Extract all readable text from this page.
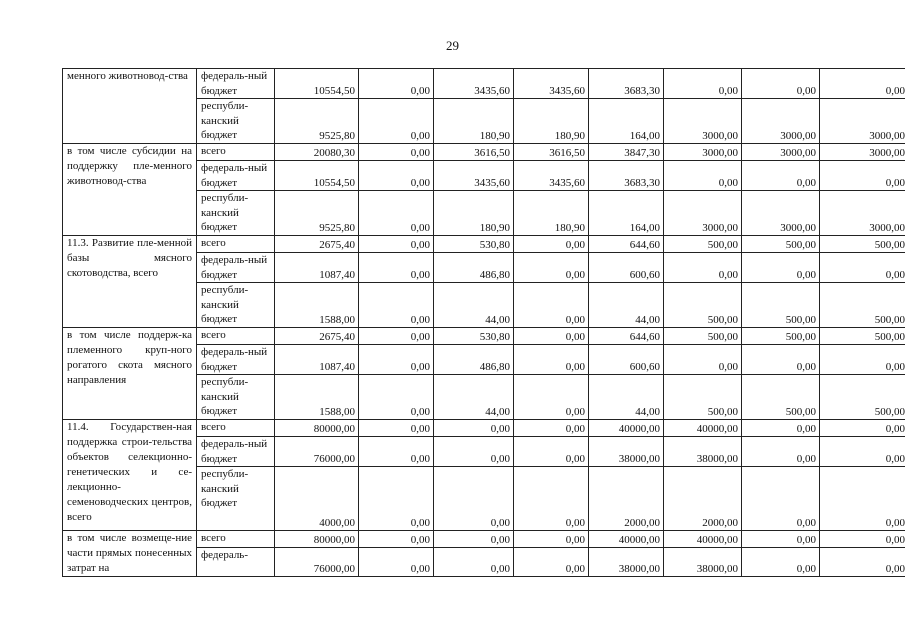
29
менного животновод-ства	федераль-ный бюджет	10554,50	0,00	3435,60	3435,60	3683,30	0,00	0,00	0,00
	республи-канский бюджет	9525,80	0,00	180,90	180,90	164,00	3000,00	3000,00	3000,00
в том числе субсидии на поддержку пле-менного животновод-ства	всего	20080,30	0,00	3616,50	3616,50	3847,30	3000,00	3000,00	3000,00
	федераль-ный бюджет	10554,50	0,00	3435,60	3435,60	3683,30	0,00	0,00	0,00
	республи-канский бюджет	9525,80	0,00	180,90	180,90	164,00	3000,00	3000,00	3000,00
11.3. Развитие пле-менной базы мясного скотоводства, всего	всего	2675,40	0,00	530,80	0,00	644,60	500,00	500,00	500,00
	федераль-ный бюджет	1087,40	0,00	486,80	0,00	600,60	0,00	0,00	0,00
	республи-канский бюджет	1588,00	0,00	44,00	0,00	44,00	500,00	500,00	500,00
в том числе поддерж-ка племенного круп-ного рогатого скота мясного направления	всего	2675,40	0,00	530,80	0,00	644,60	500,00	500,00	500,00
	федераль-ный бюджет	1087,40	0,00	486,80	0,00	600,60	0,00	0,00	0,00
	республи-канский бюджет	1588,00	0,00	44,00	0,00	44,00	500,00	500,00	500,00
11.4. Государствен-ная поддержка строи-тельства объектов селекционно-генетических и се-лекционно-семеноводческих центров, всего	всего	80000,00	0,00	0,00	0,00	40000,00	40000,00	0,00	0,00
	федераль-ный бюджет	76000,00	0,00	0,00	0,00	38000,00	38000,00	0,00	0,00
	республи-канский бюджет	4000,00	0,00	0,00	0,00	2000,00	2000,00	0,00	0,00
в том числе возмеще-ние части прямых понесенных затрат на	всего	80000,00	0,00	0,00	0,00	40000,00	40000,00	0,00	0,00
	федераль-	76000,00	0,00	0,00	0,00	38000,00	38000,00	0,00	0,00
